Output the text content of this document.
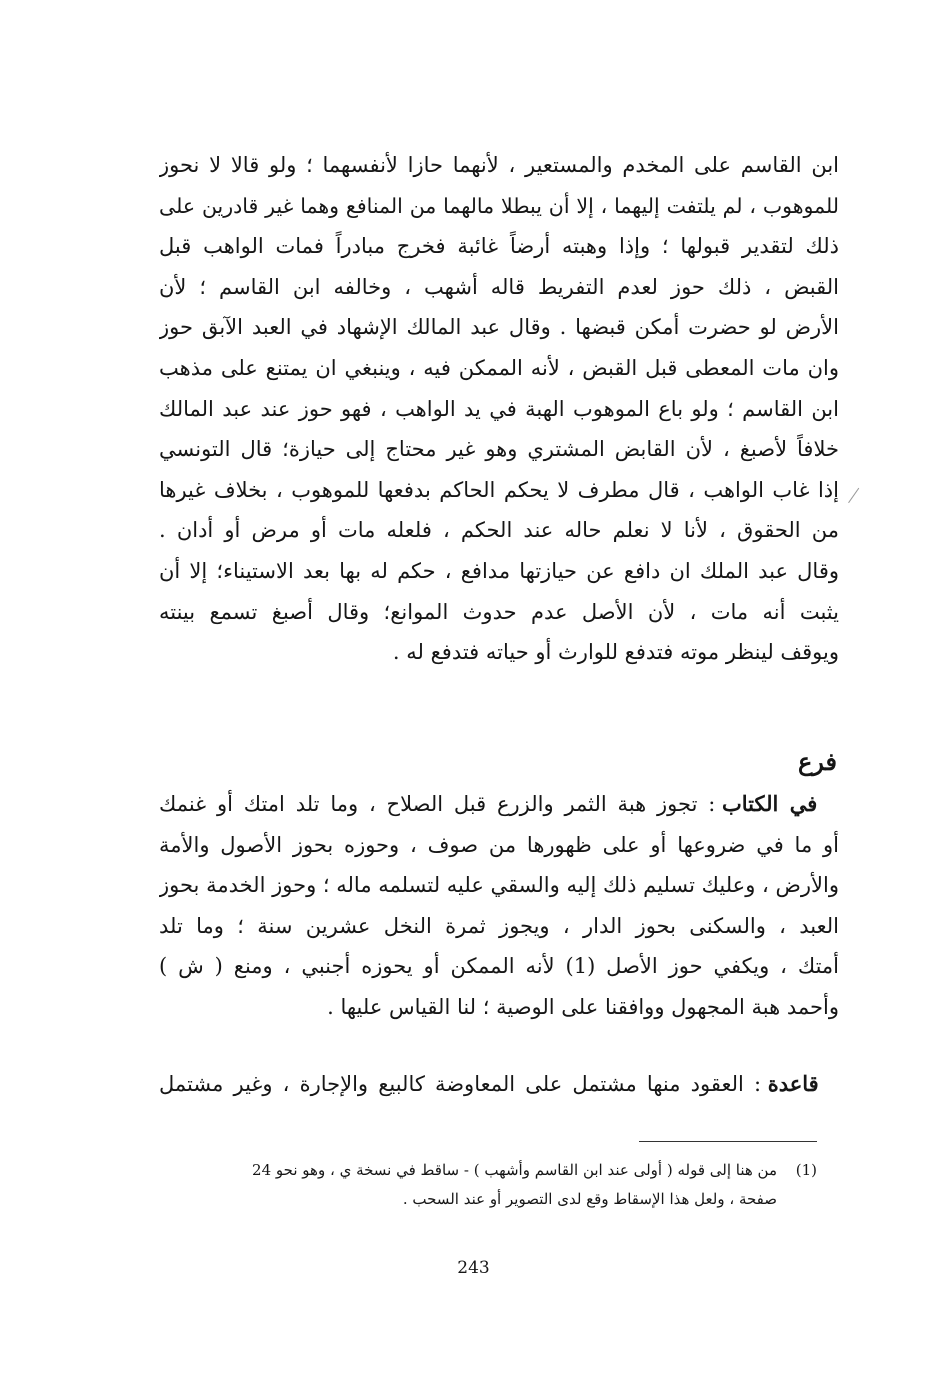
ابن القاسم على المخدم والمستعير ، لأنهما حازا لأنفسهما ؛ ولو قالا لا نحوز
للموهوب ، لم يلتفت إليهما ، إلا أن يبطلا مالهما من المنافع وهما غير قادرين على
ذلك لتقدير قبولها ؛ وإذا وهبته أرضاً غائبة فخرج مبادراً فمات الواهب قبل
القبض ، ذلك حوز لعدم التفريط قاله أشهب ، وخالفه ابن القاسم ؛ لأن
الأرض لو حضرت أمكن قبضها . وقال عبد المالك الإشهاد في العبد الآبق حوز
وان مات المعطى قبل القبض ، لأنه الممكن فيه ، وينبغي ان يمتنع على مذهب
ابن القاسم ؛ ولو باع الموهوب الهبة في يد الواهب ، فهو حوز عند عبد المالك
خلافاً لأصبغ ، لأن القابض المشتري وهو غير محتاج إلى حيازة؛ قال التونسي
إذا غاب الواهب ، قال مطرف لا يحكم الحاكم بدفعها للموهوب ، بخلاف غيرها
من الحقوق ، لأنا لا نعلم حاله عند الحكم ، فلعله مات أو مرض أو أدان .
وقال عبد الملك ان دافع عن حيازتها مدافع ، حكم له بها بعد الاستيناء؛ إلا أن
يثبت أنه مات ، لأن الأصل عدم حدوث الموانع؛ وقال أصبغ تسمع بينته
ويوقف لينظر موته فتدفع للوارث أو حياته فتدفع له .
فرع
في الكتاب : تجوز هبة الثمر والزرع قبل الصلاح ، وما تلد امتك أو غنمك
أو ما في ضروعها أو على ظهورها من صوف ، وحوزه بحوز الأصول والأمة
والأرض ، وعليك تسليم ذلك إليه والسقي عليه لتسلمه ماله ؛ وحوز الخدمة بحوز
العبد ، والسكنى بحوز الدار ، ويجوز ثمرة النخل عشرين سنة ؛ وما تلد
أمتك ، ويكفي حوز الأصل (1) لأنه الممكن أو يحوزه أجنبي ، ومنع ( ش )
وأحمد هبة المجهول ووافقنا على الوصية ؛ لنا القياس عليها .
قاعدة : العقود منها مشتمل على المعاوضة كالبيع والإجارة ، وغير مشتمل
(1)من هنا إلى قوله ( أولى عند ابن القاسم وأشهب ) - ساقط في نسخة ي ، وهو نحو 24
صفحة ، ولعل هذا الإسقاط وقع لدى التصوير أو عند السحب .
243
